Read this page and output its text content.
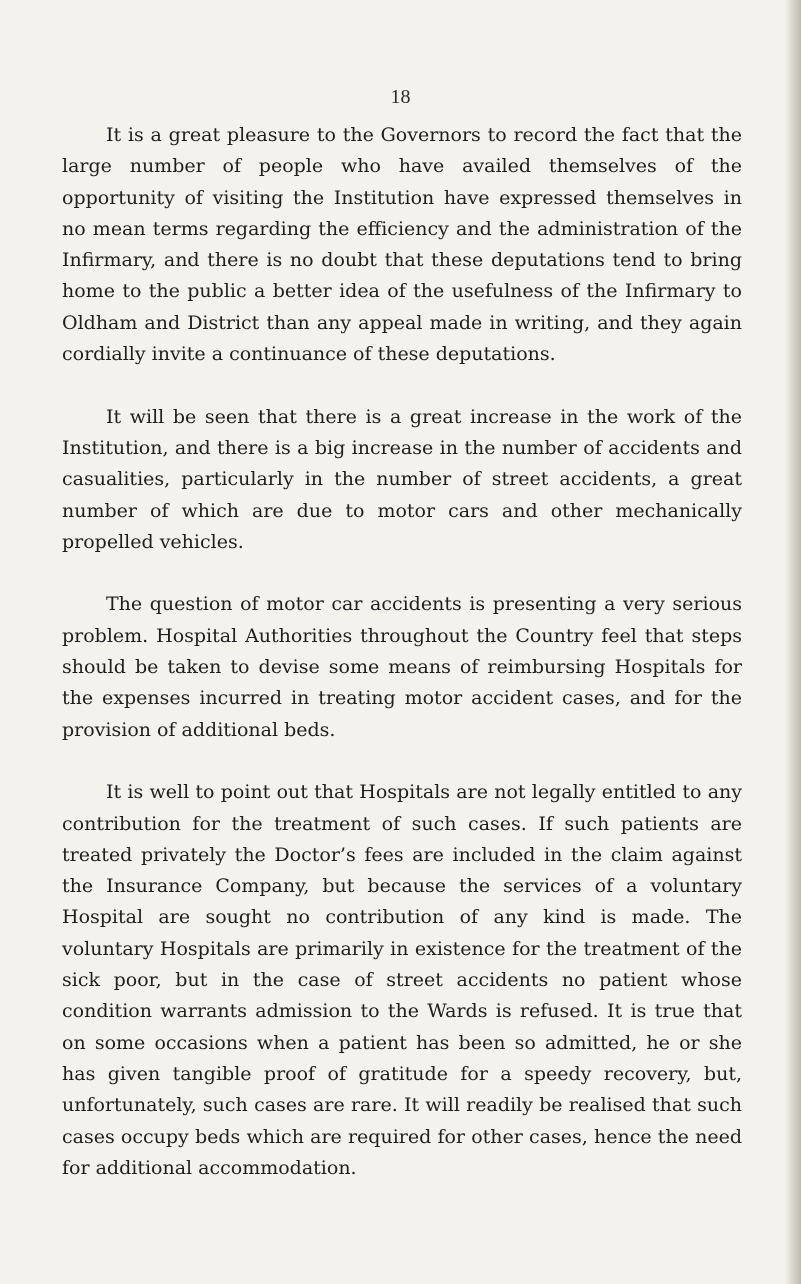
18

It is a great pleasure to the Governors to record the fact that the large number of people who have availed themselves of the opportunity of visiting the Institution have expressed themselves in no mean terms regarding the efficiency and the administration of the Infirmary, and there is no doubt that these deputations tend to bring home to the public a better idea of the usefulness of the Infirmary to Oldham and District than any appeal made in writing, and they again cordially invite a continuance of these deputations.

It will be seen that there is a great increase in the work of the Institution, and there is a big increase in the number of accidents and casualities, particularly in the number of street accidents, a great number of which are due to motor cars and other mechanically propelled vehicles.

The question of motor car accidents is presenting a very serious problem. Hospital Authorities throughout the Country feel that steps should be taken to devise some means of reimbursing Hospitals for the expenses incurred in treating motor accident cases, and for the provision of additional beds.

It is well to point out that Hospitals are not legally entitled to any contribution for the treatment of such cases. If such patients are treated privately the Doctor’s fees are included in the claim against the Insurance Company, but because the services of a voluntary Hospital are sought no contribution of any kind is made. The voluntary Hospitals are primarily in existence for the treatment of the sick poor, but in the case of street accidents no patient whose condition warrants admission to the Wards is refused. It is true that on some occasions when a patient has been so admitted, he or she has given tangible proof of gratitude for a speedy recovery, but, unfortunately, such cases are rare. It will readily be realised that such cases occupy beds which are required for other cases, hence the need for additional accommodation.
